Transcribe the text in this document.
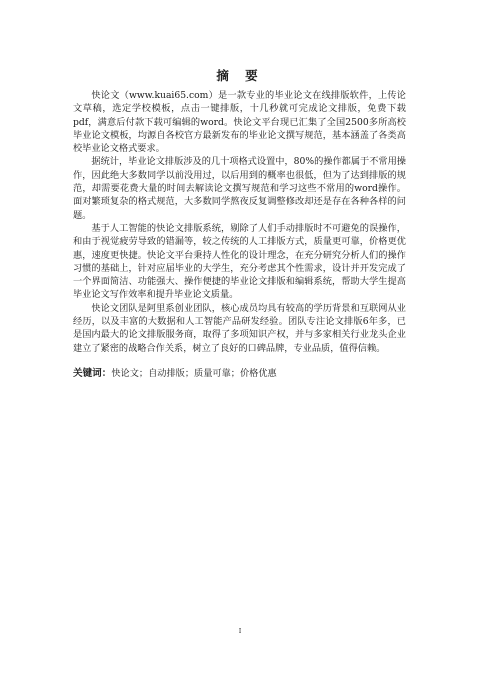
摘 要

快论文（www.kuai65.com）是一款专业的毕业论文在线排版软件，上传论文草稿，选定学校模板，点击一键排版，十几秒就可完成论文排版，免费下载pdf，满意后付款下载可编辑的word。快论文平台现已汇集了全国2500多所高校毕业论文模板，均源自各校官方最新发布的毕业论文撰写规范，基本涵盖了各类高校毕业论文格式要求。

据统计，毕业论文排版涉及的几十项格式设置中，80%的操作都属于不常用操作，因此绝大多数同学以前没用过，以后用到的概率也很低，但为了达到排版的规范，却需要花费大量的时间去解读论文撰写规范和学习这些不常用的word操作。面对繁琐复杂的格式规范，大多数同学熬夜反复调整修改却还是存在各种各样的问题。

基于人工智能的快论文排版系统，剔除了人们手动排版时不可避免的误操作，和由于视觉疲劳导致的错漏等，较之传统的人工排版方式，质量更可靠，价格更优惠，速度更快捷。快论文平台秉持人性化的设计理念，在充分研究分析人们的操作习惯的基础上，针对应届毕业的大学生，充分考虑其个性需求，设计并开发完成了一个界面简洁、功能强大、操作便捷的毕业论文排版和编辑系统，帮助大学生提高毕业论文写作效率和提升毕业论文质量。

快论文团队是阿里系创业团队，核心成员均具有较高的学历背景和互联网从业经历，以及丰富的大数据和人工智能产品研发经验。团队专注论文排版6年多，已是国内最大的论文排版服务商，取得了多项知识产权，并与多家相关行业龙头企业建立了紧密的战略合作关系，树立了良好的口碑品牌，专业品质，值得信赖。

关键词：快论文；自动排版；质量可靠；价格优惠

I
